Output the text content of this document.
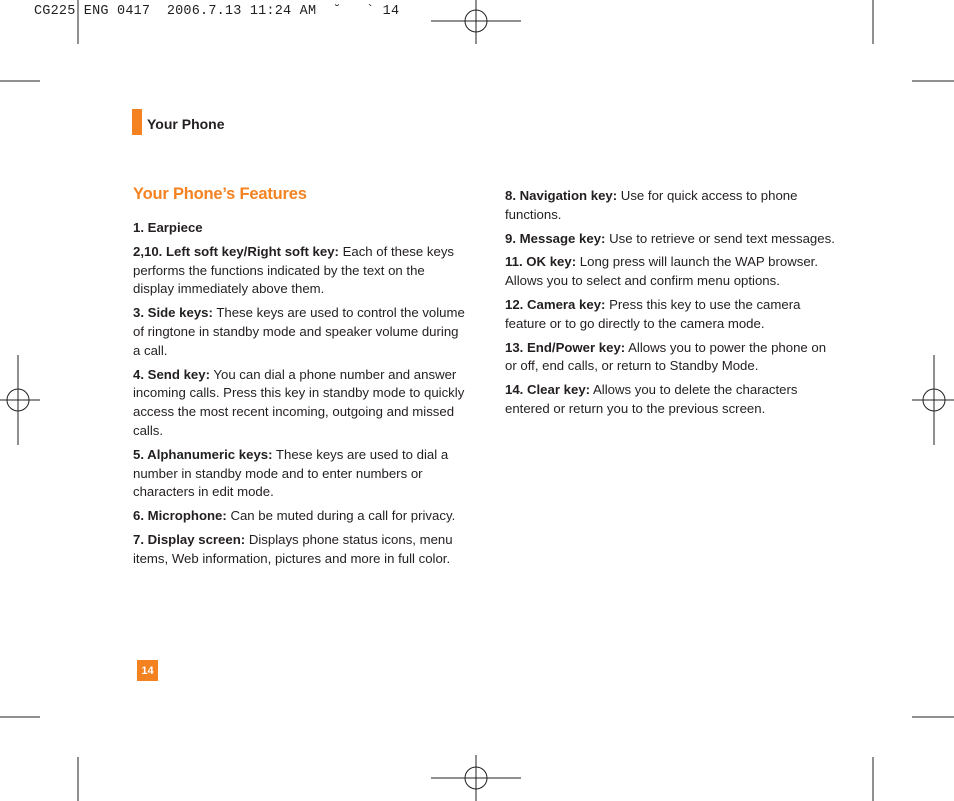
CG225 ENG 0417  2006.7.13 11:24 AM  ˘   ` 14
Your Phone
Your Phone’s Features
1. Earpiece
2,10. Left soft key/Right soft key: Each of these keys performs the functions indicated by the text on the display immediately above them.
3. Side keys: These keys are used to control the volume of ringtone in standby mode and speaker volume during a call.
4. Send key: You can dial a phone number and answer incoming calls. Press this key in standby mode to quickly access the most recent incoming, outgoing and missed calls.
5. Alphanumeric keys: These keys are used to dial a number in standby mode and to enter numbers or characters in edit mode.
6. Microphone: Can be muted during a call for privacy.
7. Display screen: Displays phone status icons, menu items, Web information, pictures and more in full color.
8. Navigation key: Use for quick access to phone functions.
9. Message key: Use to retrieve or send text messages.
11. OK key: Long press will launch the WAP browser. Allows you to select and confirm menu options.
12. Camera key: Press this key to use the camera feature or to go directly to the camera mode.
13. End/Power key: Allows you to power the phone on or off, end calls, or return to Standby Mode.
14. Clear key: Allows you to delete the characters entered or return you to the previous screen.
14
